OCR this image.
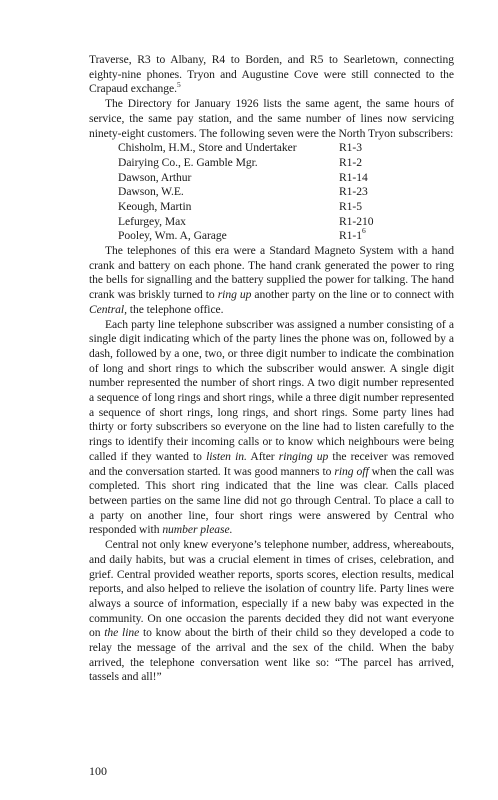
Traverse, R3 to Albany, R4 to Borden, and R5 to Searletown, connecting eighty-nine phones. Tryon and Augustine Cove were still connected to the Crapaud exchange.$^5$

The Directory for January 1926 lists the same agent, the same hours of service, the same pay station, and the same number of lines now servicing ninety-eight customers. The following seven were the North Tryon subscribers:

Chisholm, H.M., Store and Undertaker	R1-3
Dairying Co., E. Gamble Mgr.	R1-2
Dawson, Arthur	R1-14
Dawson, W.E.	R1-23
Keough, Martin	R1-5
Lefurgey, Max	R1-210
Pooley, Wm. A, Garage	$R1-1^6$

The telephones of this era were a Standard Magneto System with a hand crank and battery on each phone. The hand crank generated the power to ring the bells for signalling and the battery supplied the power for talking. The hand crank was briskly turned to ring up another party on the line or to connect with Central, the telephone office.

Each party line telephone subscriber was assigned a number consisting of a single digit indicating which of the party lines the phone was on, followed by a dash, followed by a one, two, or three digit number to indicate the combination of long and short rings to which the subscriber would answer. A single digit number represented the number of short rings. A two digit number represented a sequence of long rings and short rings, while a three digit number represented a sequence of short rings, long rings, and short rings. Some party lines had thirty or forty subscribers so everyone on the line had to listen carefully to the rings to identify their incoming calls or to know which neighbours were being called if they wanted to listen in. After ringing up the receiver was removed and the conversation started. It was good manners to ring off when the call was completed. This short ring indicated that the line was clear. Calls placed between parties on the same line did not go through Central. To place a call to a party on another line, four short rings were answered by Central who responded with number please.

Central not only knew everyone’s telephone number, address, whereabouts, and daily habits, but was a crucial element in times of crises, celebration, and grief. Central provided weather reports, sports scores, election results, medical reports, and also helped to relieve the isolation of country life. Party lines were always a source of information, especially if a new baby was expected in the community. On one occasion the parents decided they did not want everyone on the line to know about the birth of their child so they developed a code to relay the message of the arrival and the sex of the child. When the baby arrived, the telephone conversation went like so: “The parcel has arrived, tassels and all!”

100
